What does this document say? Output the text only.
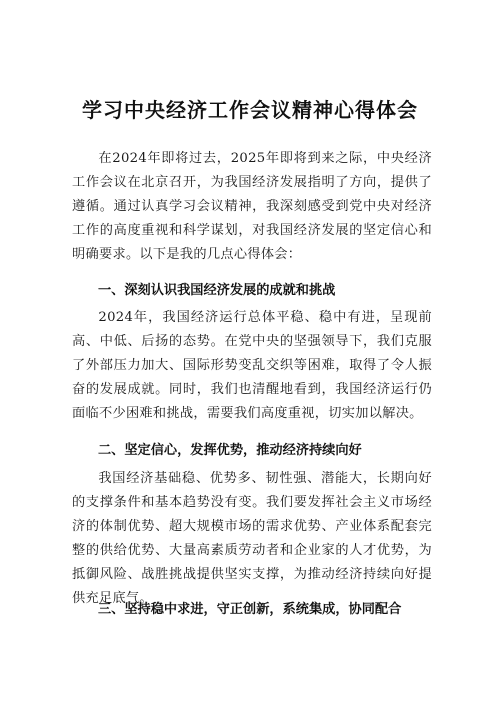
学习中央经济工作会议精神心得体会

在2024年即将过去，2025年即将到来之际，中央经济工作会议在北京召开，为我国经济发展指明了方向，提供了遵循。通过认真学习会议精神，我深刻感受到党中央对经济工作的高度重视和科学谋划，对我国经济发展的坚定信心和明确要求。以下是我的几点心得体会：

一、深刻认识我国经济发展的成就和挑战

2024年，我国经济运行总体平稳、稳中有进，呈现前高、中低、后扬的态势。在党中央的坚强领导下，我们克服了外部压力加大、国际形势变乱交织等困难，取得了令人振奋的发展成就。同时，我们也清醒地看到，我国经济运行仍面临不少困难和挑战，需要我们高度重视，切实加以解决。

二、坚定信心，发挥优势，推动经济持续向好

我国经济基础稳、优势多、韧性强、潜能大，长期向好的支撑条件和基本趋势没有变。我们要发挥社会主义市场经济的体制优势、超大规模市场的需求优势、产业体系配套完整的供给优势、大量高素质劳动者和企业家的人才优势，为抵御风险、战胜挑战提供坚实支撑，为推动经济持续向好提供充足底气。

三、坚持稳中求进，守正创新，系统集成，协同配合
